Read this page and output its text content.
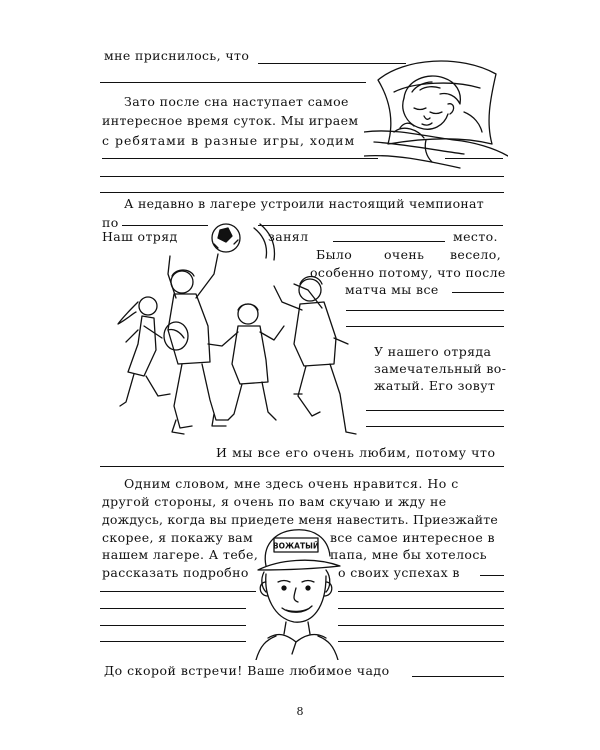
мне приснилось, что
Зато после сна наступает самое
интересное время суток. Мы играем
с ребятами в разные игры, ходим
А недавно в лагере устроили настоящий чемпионат
по
Наш отряд	занял	место.
Было	очень весело,
особенно потому, что после
матча мы все
У нашего отряда
замечательный во-
жатый. Его зовут
И мы все его очень любим, потому что
Одним словом, мне здесь очень нравится. Но с
другой стороны, я очень по вам скучаю и жду не
дождусь, когда вы приедете меня навестить. Приезжайте
скорее, я покажу вам	все самое интересное в
нашем лагере. А тебе,	папа, мне бы хотелось
рассказать подробно	о своих успехах в
До скорой встречи! Ваше любимое чадо
8
ВОЖАТЫЙ
